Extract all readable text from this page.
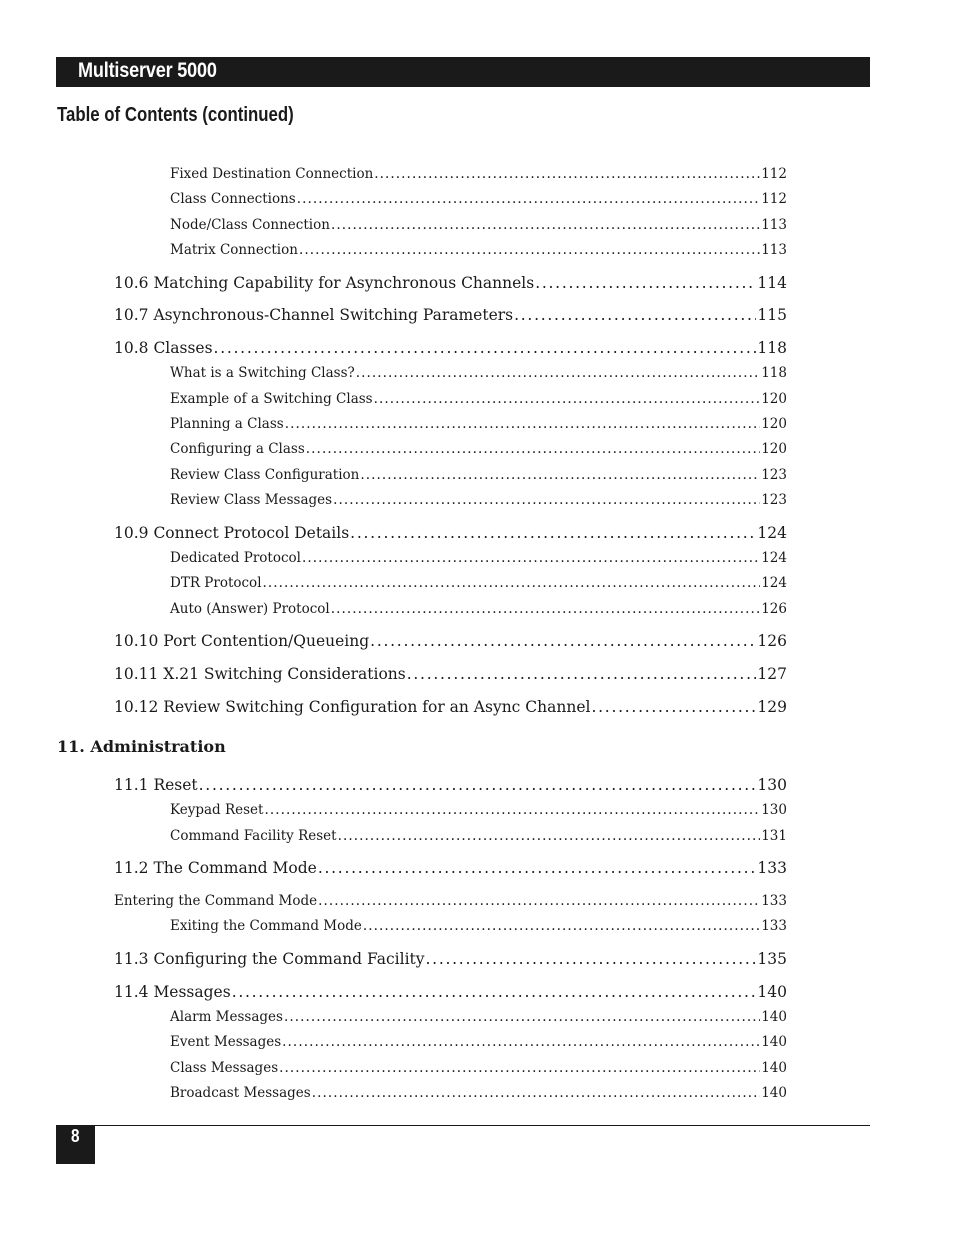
Multiserver 5000
Table of Contents (continued)
Fixed Destination Connection . . .	112
Class Connections . . .	112
Node/Class Connection . . .	113
Matrix Connection . . .	113
10.6 Matching Capability for Asynchronous Channels . . .	114
10.7 Asynchronous-Channel Switching Parameters . . .	115
10.8 Classes . . .	118
What is a Switching Class? . . .	118
Example of a Switching Class . . .	120
Planning a Class . . .	120
Configuring a Class . . .	120
Review Class Configuration . . .	123
Review Class Messages . . .	123
10.9 Connect Protocol Details . . .	124
Dedicated Protocol . . .	124
DTR Protocol . . .	124
Auto (Answer) Protocol . . .	126
10.10 Port Contention/Queueing . . .	126
10.11 X.21 Switching Considerations . . .	127
10.12 Review Switching Configuration for an Async Channel . . .	129
11.1 Reset . . .	130
Keypad Reset . . .	130
Command Facility Reset . . .	131
11.2 The Command Mode . . .	133
Entering the Command Mode . . .	133
Exiting the Command Mode . . .	133
11.3 Configuring the Command Facility . . .	135
11.4 Messages . . .	140
Alarm Messages . . .	140
Event Messages . . .	140
Class Messages . . .	140
Broadcast Messages . . .	140
11. Administration
8
